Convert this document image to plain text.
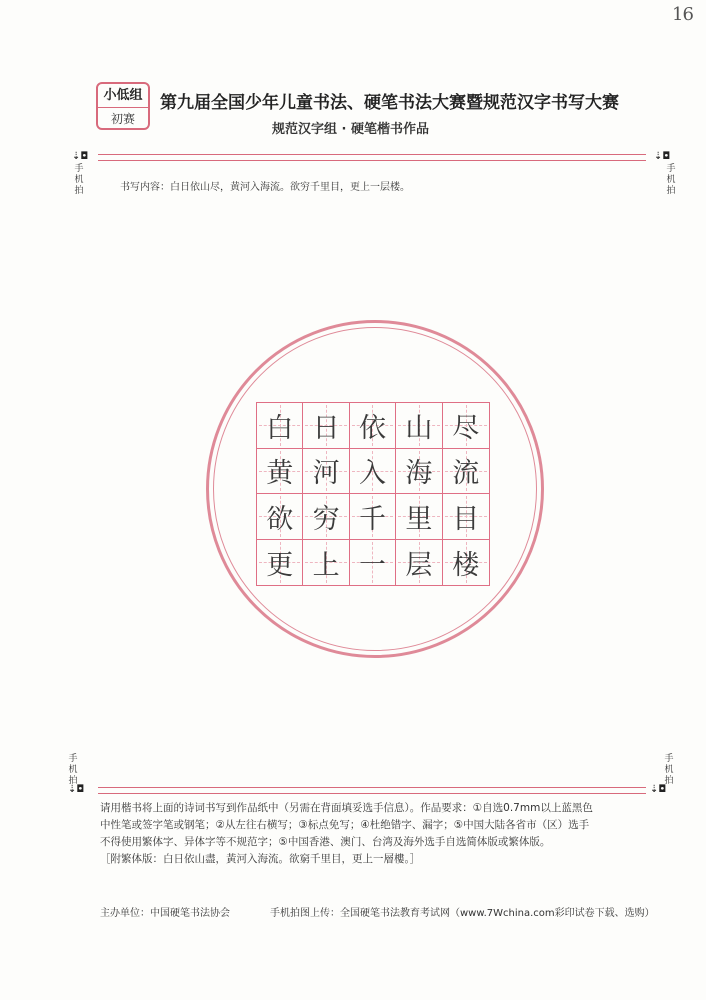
16
小低组
初赛
第九届全国少年儿童书法、硬笔书法大赛暨规范汉字书写大赛
规范汉字组 · 硬笔楷书作品
⇣◘
手
机
拍
⇣◘
手
机
拍
书写内容：白日依山尽，黄河入海流。欲穷千里目，更上一层楼。
白 日 依 山 尽
黄 河 入 海 流
欲 穷 千 里 目
更 上 一 层 楼
手
机
拍
⇣◘
手
机
拍
⇣◘
请用楷书将上面的诗词书写到作品纸中（另需在背面填妥选手信息）。作品要求：①自选0.7mm以上蓝黑色
中性笔或签字笔或钢笔；②从左往右横写；③标点免写；④杜绝错字、漏字；⑤中国大陆各省市（区）选手
不得使用繁体字、异体字等不规范字；⑤中国香港、澳门、台湾及海外选手自选简体版或繁体版。
［附繁体版：白日依山盡，黃河入海流。欲窮千里目，更上一層樓。］
主办单位：中国硬笔书法协会	手机拍图上传：全国硬笔书法教育考试网（www.7Wchina.com彩印试卷下载、选购）
